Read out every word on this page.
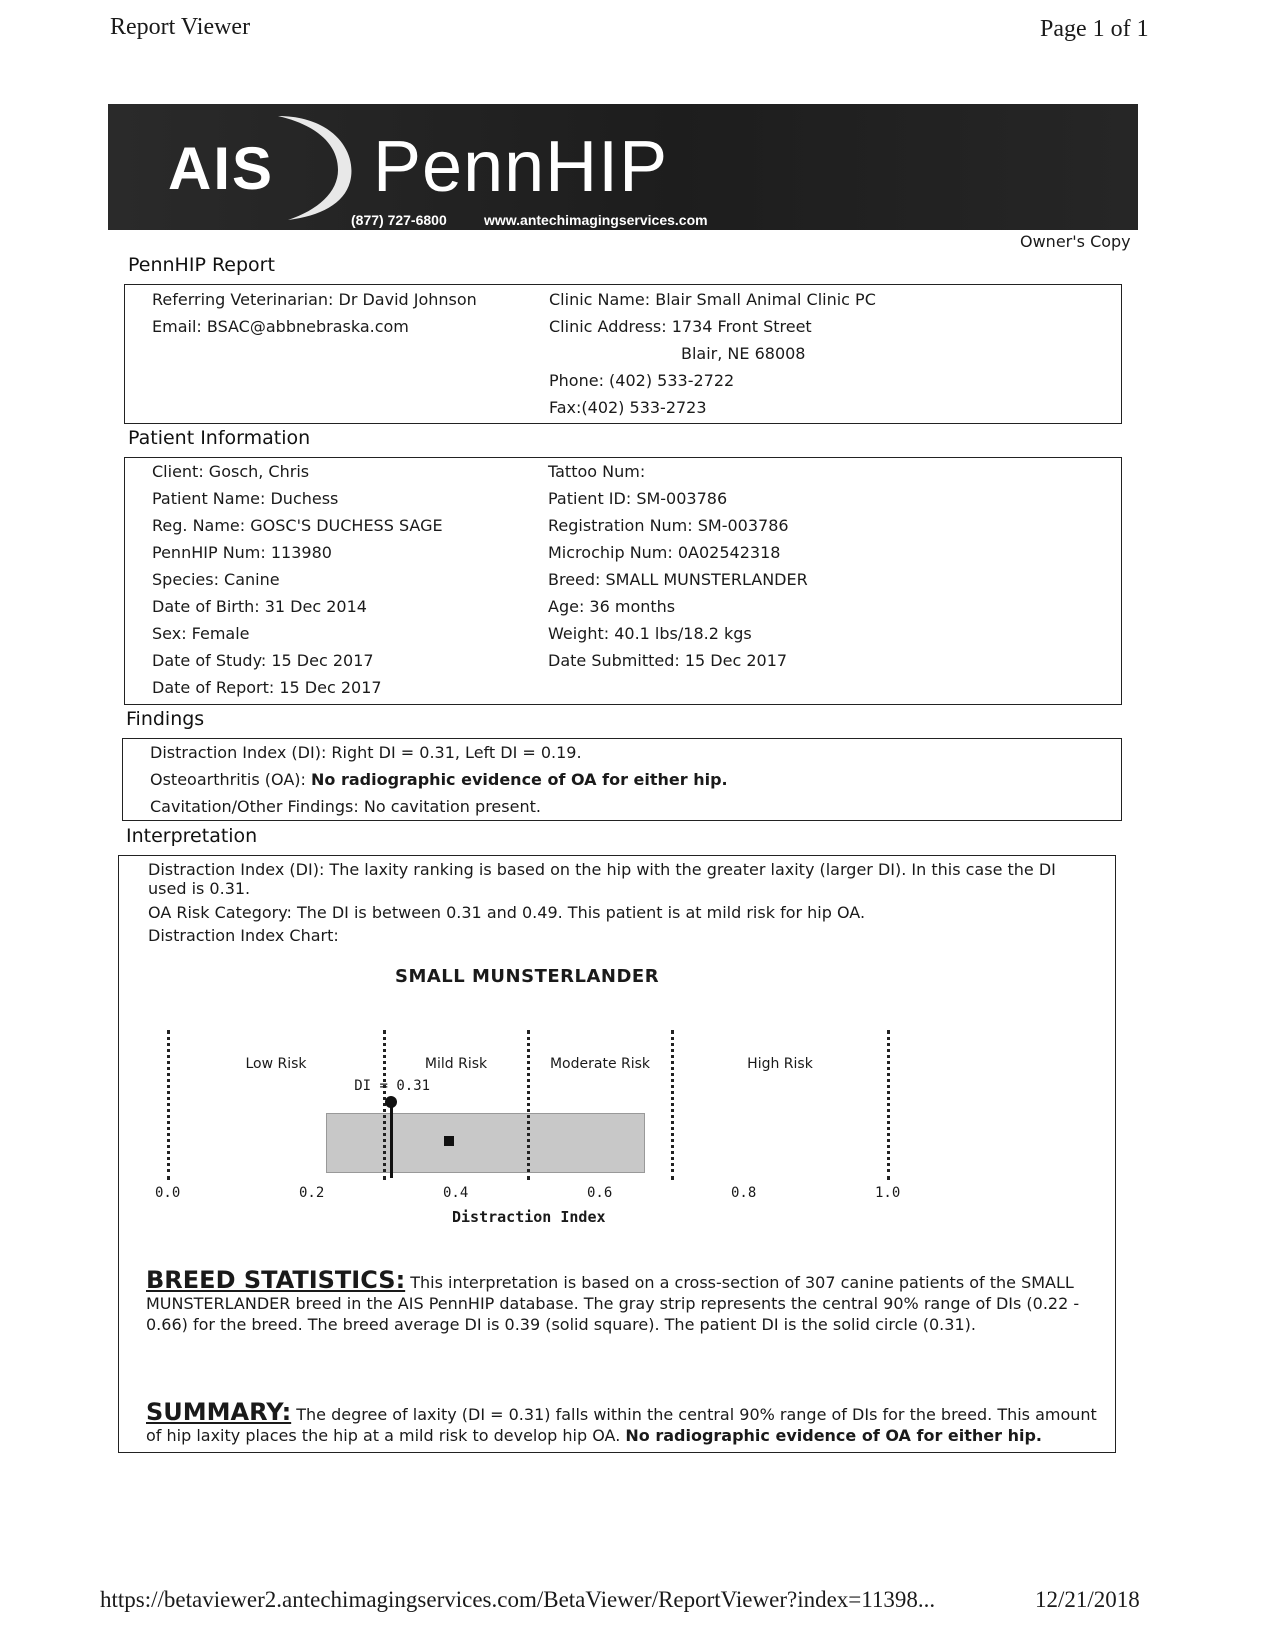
Report Viewer	Page 1 of 1
AIS PennHIP
(877) 727-6800	www.antechimagingservices.com
Owner's Copy
PennHIP Report
Referring Veterinarian: Dr David Johnson
Email: BSAC@abbnebraska.com
Clinic Name: Blair Small Animal Clinic PC
Clinic Address: 1734 Front Street
Blair, NE 68008
Phone: (402) 533-2722
Fax:(402) 533-2723
Patient Information
Client: Gosch, Chris
Patient Name: Duchess
Reg. Name: GOSC'S DUCHESS SAGE
PennHIP Num: 113980
Species: Canine
Date of Birth: 31 Dec 2014
Sex: Female
Date of Study: 15 Dec 2017
Date of Report: 15 Dec 2017
Tattoo Num:
Patient ID: SM-003786
Registration Num: SM-003786
Microchip Num: 0A02542318
Breed: SMALL MUNSTERLANDER
Age: 36 months
Weight: 40.1 lbs/18.2 kgs
Date Submitted: 15 Dec 2017
Findings
Distraction Index (DI): Right DI = 0.31, Left DI = 0.19.
Osteoarthritis (OA): No radiographic evidence of OA for either hip.
Cavitation/Other Findings: No cavitation present.
Interpretation
Distraction Index (DI): The laxity ranking is based on the hip with the greater laxity (larger DI). In this case the DI used is 0.31.
OA Risk Category: The DI is between 0.31 and 0.49. This patient is at mild risk for hip OA.
Distraction Index Chart:
SMALL MUNSTERLANDER
Distraction Index
Low Risk	Mild Risk	Moderate Risk	High Risk
0.0	0.2	0.4	0.6	0.8	1.0
DI = 0.31
BREED STATISTICS: This interpretation is based on a cross-section of 307 canine patients of the SMALL MUNSTERLANDER breed in the AIS PennHIP database. The gray strip represents the central 90% range of DIs (0.22 - 0.66) for the breed. The breed average DI is 0.39 (solid square). The patient DI is the solid circle (0.31).
SUMMARY: The degree of laxity (DI = 0.31) falls within the central 90% range of DIs for the breed. This amount of hip laxity places the hip at a mild risk to develop hip OA. No radiographic evidence of OA for either hip.
https://betaviewer2.antechimagingservices.com/BetaViewer/ReportViewer?index=11398...	12/21/2018
